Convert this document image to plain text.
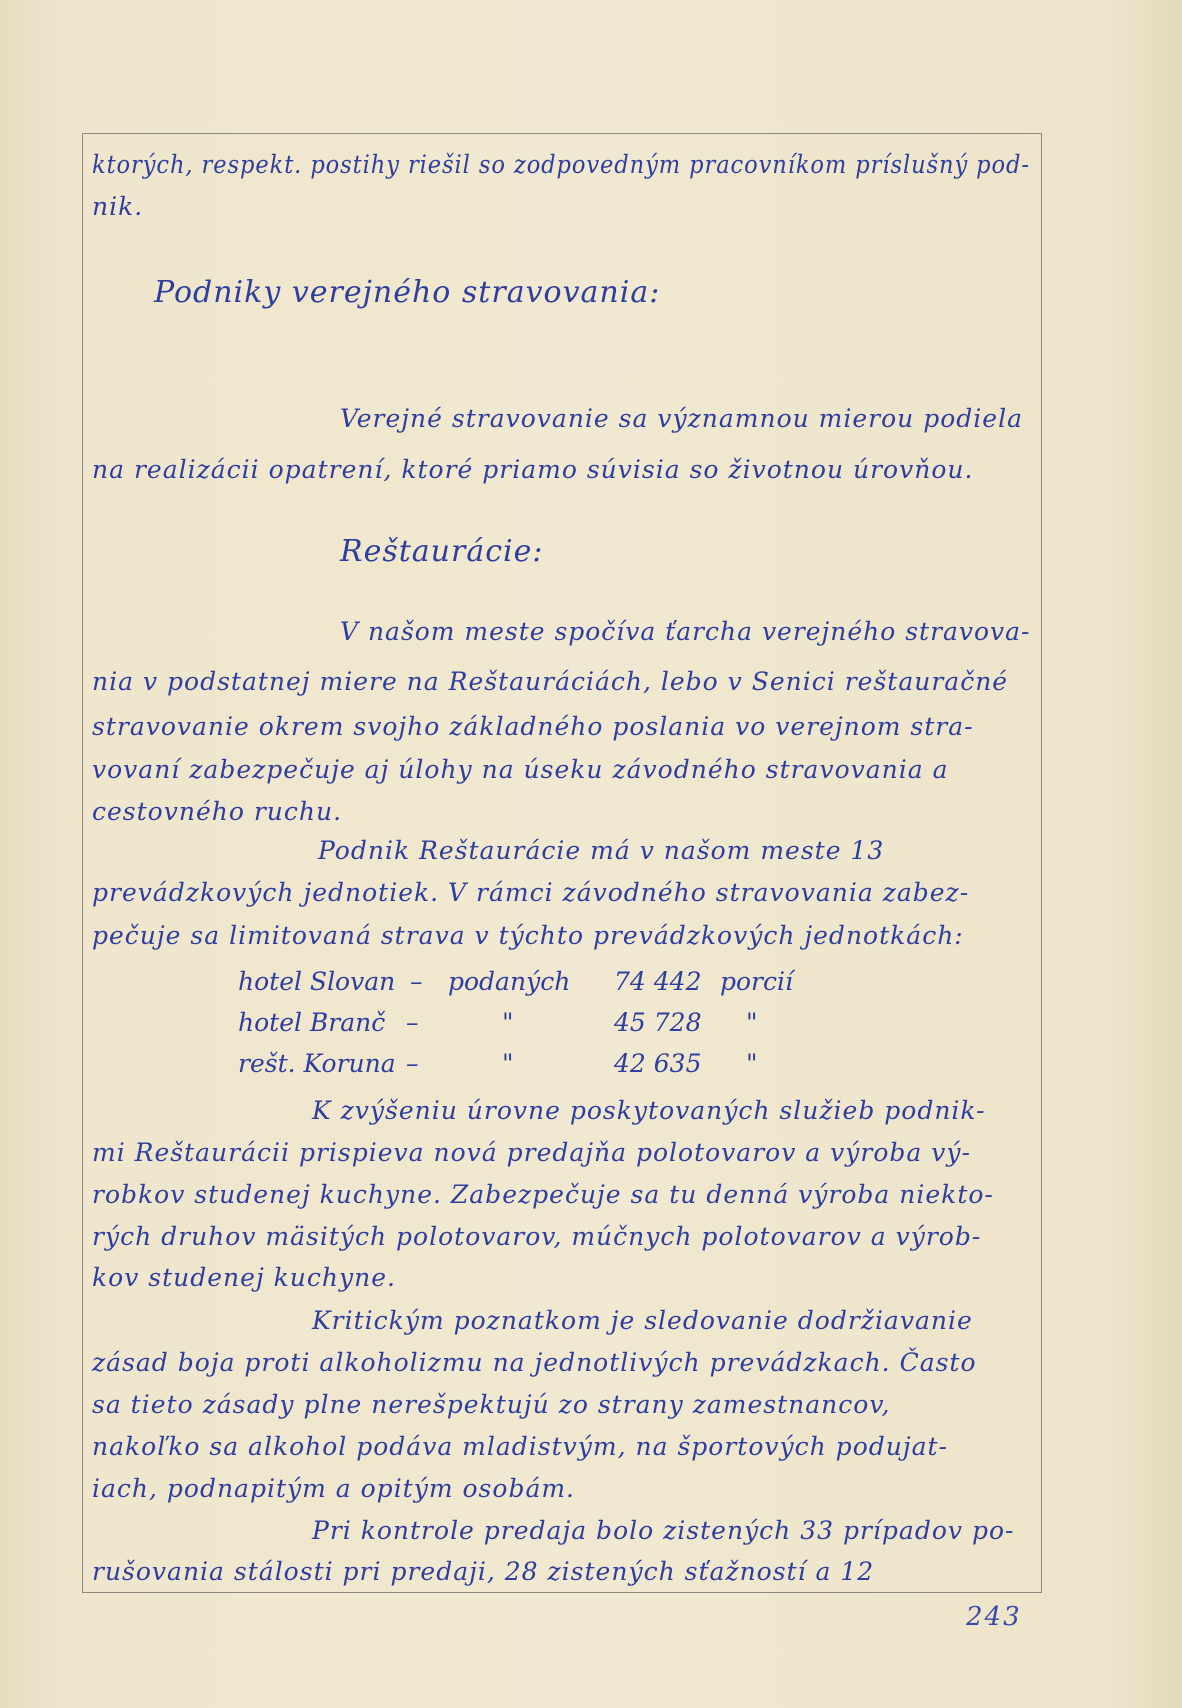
ktorých, respekt. postihy riešil so zodpovedným pracovníkom príslušný pod-
nik.
Podniky verejného stravovania:
Verejné stravovanie sa významnou mierou podiela
na realizácii opatrení, ktoré priamo súvisia so životnou úrovňou.
Reštaurácie:
V našom meste spočíva ťarcha verejného stravova-
nia v podstatnej miere na Reštauráciách, lebo v Senici reštauračné
stravovanie okrem svojho základného poslania vo verejnom stra-
vovaní zabezpečuje aj úlohy na úseku závodného stravovania a
cestovného ruchu.
Podnik Reštaurácie má v našom meste 13
prevádzkových jednotiek. V rámci závodného stravovania zabez-
pečuje sa limitovaná strava v týchto prevádzkových jednotkách:
hotel Slovan – podaných 74 442 porcií
hotel Branč –	"	45 728 "
rešt. Koruna –	"	42 635 "
K zvýšeniu úrovne poskytovaných služieb podnik-
mi Reštaurácii prispieva nová predajňa polotovarov a výroba vý-
robkov studenej kuchyne. Zabezpečuje sa tu denná výroba niekto-
rých druhov mäsitých polotovarov, múčnych polotovarov a výrob-
kov studenej kuchyne.
Kritickým poznatkom je sledovanie dodržiavanie
zásad boja proti alkoholizmu na jednotlivých prevádzkach. Často
sa tieto zásady plne nerešpektujú zo strany zamestnancov,
nakoľko sa alkohol podáva mladistvým, na športových podujat-
iach, podnapitým a opitým osobám.
Pri kontrole predaja bolo zistených 33 prípadov po-
rušovania stálosti pri predaji, 28 zistených sťažností a 12
243
